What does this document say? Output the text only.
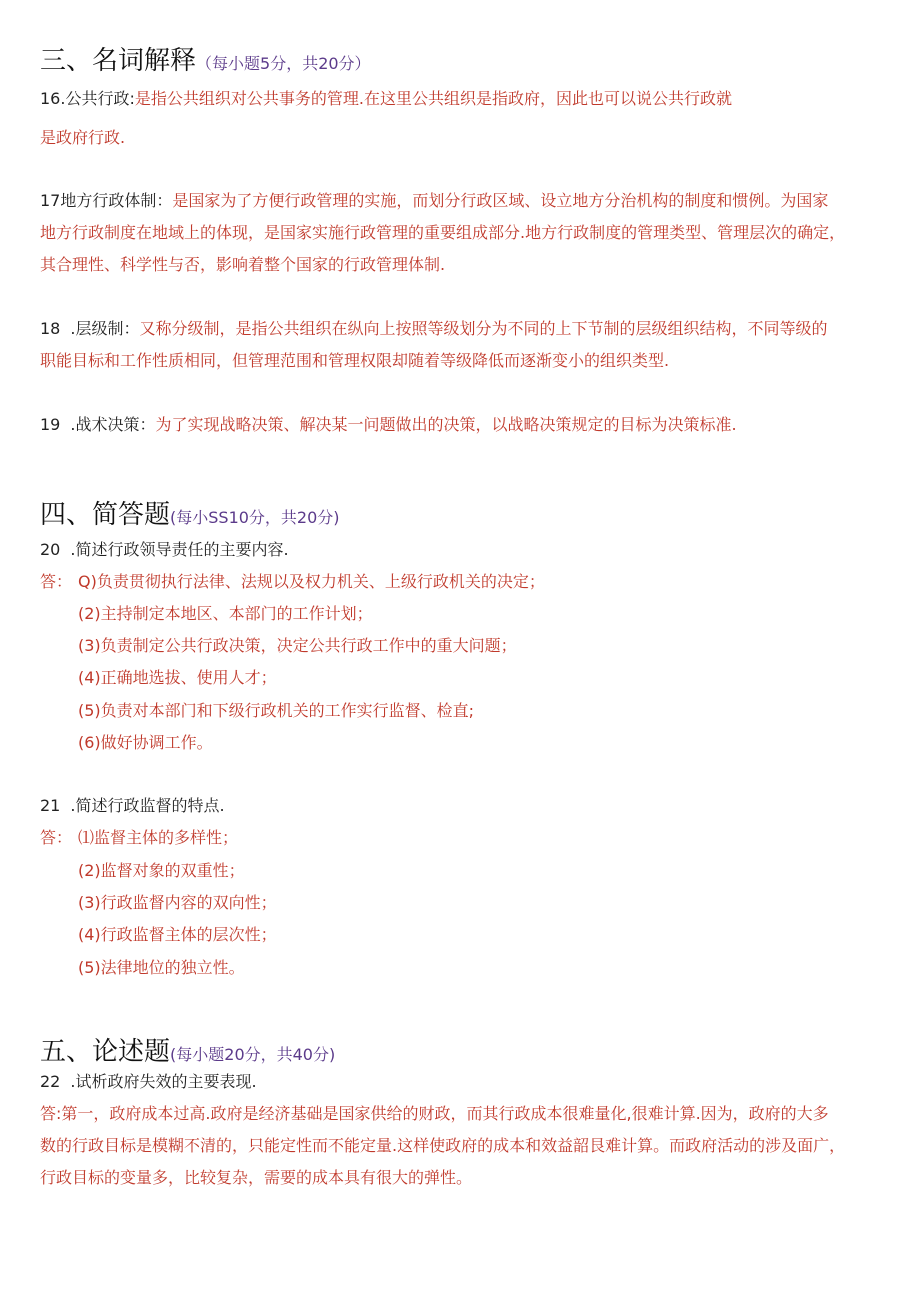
三、名词解释（每小题5分，共20分）
16.公共行政:是指公共组织对公共事务的管理.在这里公共组织是指政府，因此也可以说公共行政就
是政府行政.

17地方行政体制：是国家为了方便行政管理的实施，而划分行政区域、设立地方分治机构的制度和惯例。为国家

地方行政制度在地域上的体现，是国家实施行政管理的重要组成部分.地方行政制度的管理类型、管理层次的确定，

其合理性、科学性与否，影响着整个国家的行政管理体制.

18 .层级制：又称分级制，是指公共组织在纵向上按照等级划分为不同的上下节制的层级组织结构，不同等级的

职能目标和工作性质相同，但管理范围和管理权限却随着等级降低而逐渐变小的组织类型.

19 .战术决策：为了实现战略决策、解决某一问题做出的决策，以战略决策规定的目标为决策标准.
四、简答题(每小SS10分，共20分)
20 .简述行政领导责任的主要内容.
答： Q)负责贯彻执行法律、法规以及权力机关、上级行政机关的决定；
(2)主持制定本地区、本部门的工作计划；
(3)负责制定公共行政决策，决定公共行政工作中的重大问题；
(4)正确地选拔、使用人才；
(5)负责对本部门和下级行政机关的工作实行监督、检直;
(6)做好协调工作。
21 .简述行政监督的特点.
答： ⑴监督主体的多样性；
(2)监督对象的双重性；
(3)行政监督内容的双向性；
(4)行政监督主体的层次性；
(5)法律地位的独立性。
五、论述题(每小题20分，共40分)
22 .试析政府失效的主要表现.

答:第一，政府成本过高.政府是经济基础是国家供给的财政，而其行政成本很难量化,很难计算.因为，政府的大多

数的行政目标是模糊不清的，只能定性而不能定量.这样使政府的成本和效益韶艮难计算。而政府活动的涉及面广，

行政目标的变量多，比较复杂，需要的成本具有很大的弹性。
